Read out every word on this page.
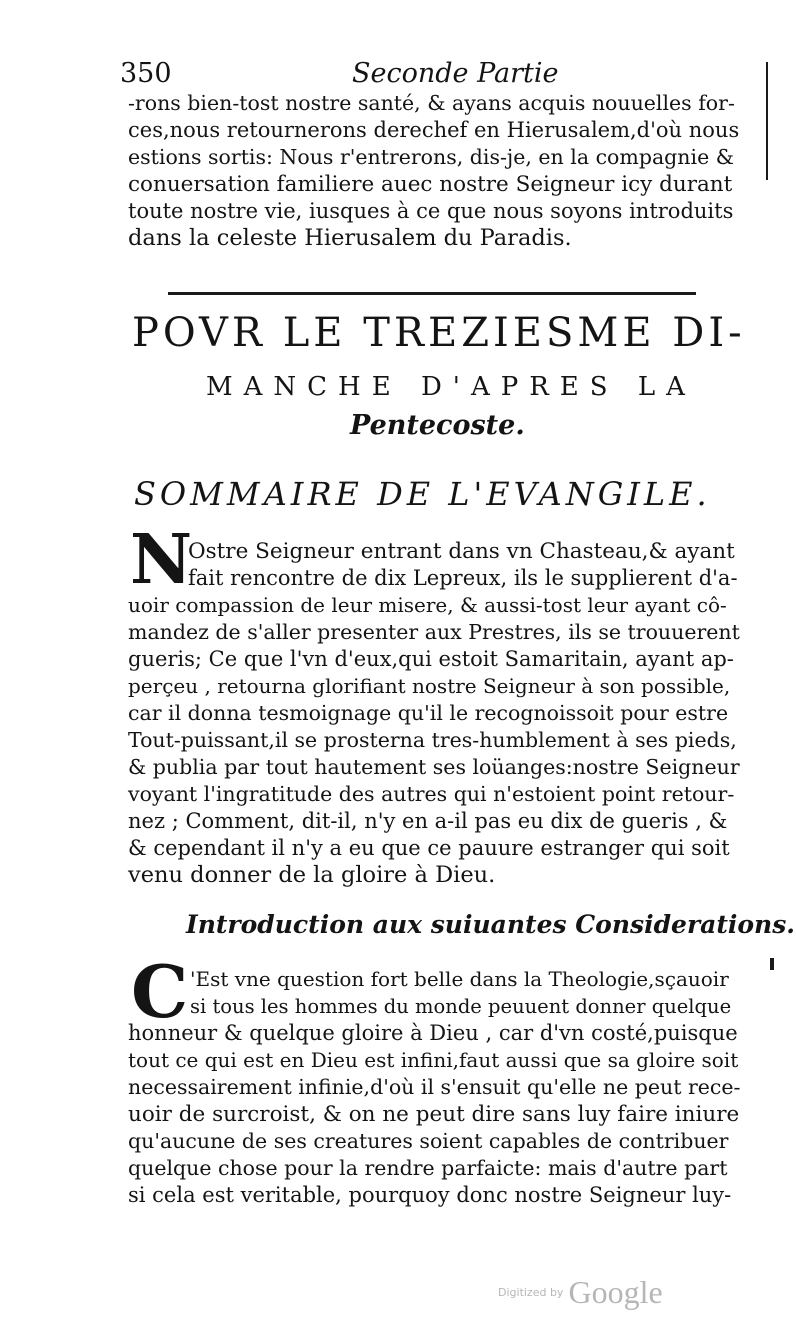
350	Seconde Partie

-rons bien-tost nostre santé, & ayans acquis nouuelles for-

ces,nous retournerons derechef en Hierusalem,d'où nous

estions sortis: Nous r'entrerons, dis-je, en la compagnie &

conuersation familiere auec nostre Seigneur icy durant

toute nostre vie, iusques à ce que nous soyons introduits

dans la celeste Hierusalem du Paradis.

POVR LE TREZIESME DI-
MANCHE D'APRES LA
Pentecoste.
SOMMAIRE DE L'EVANGILE.
N

Ostre Seigneur entrant dans vn Chasteau,& ayant

fait rencontre de dix Lepreux, ils le supplierent d'a-

uoir compassion de leur misere, & aussi-tost leur ayant cô-

mandez de s'aller presenter aux Prestres, ils se trouuerent

gueris; Ce que l'vn d'eux,qui estoit Samaritain, ayant ap-

perçeu , retourna glorifiant nostre Seigneur à son possible,

car il donna tesmoignage qu'il le recognoissoit pour estre

Tout-puissant,il se prosterna tres-humblement à ses pieds,

& publia par tout hautement ses loüanges:nostre Seigneur

voyant l'ingratitude des autres qui n'estoient point retour-

nez ; Comment, dit-il, n'y en a-il pas eu dix de gueris , &

& cependant il n'y a eu que ce pauure estranger qui soit

venu donner de la gloire à Dieu.

Introduction aux suiuantes Considerations.
C 'Est vne question fort belle dans la Theologie,sçauoir

si tous les hommes du monde peuuent donner quelque

honneur & quelque gloire à Dieu , car d'vn costé,puisque

tout ce qui est en Dieu est infini,faut aussi que sa gloire soit

necessairement infinie,d'où il s'ensuit qu'elle ne peut rece-

uoir de surcroist, & on ne peut dire sans luy faire iniure

qu'aucune de ses creatures soient capables de contribuer

quelque chose pour la rendre parfaicte: mais d'autre part

si cela est veritable, pourquoy donc nostre Seigneur luy-

Digitized by Google
